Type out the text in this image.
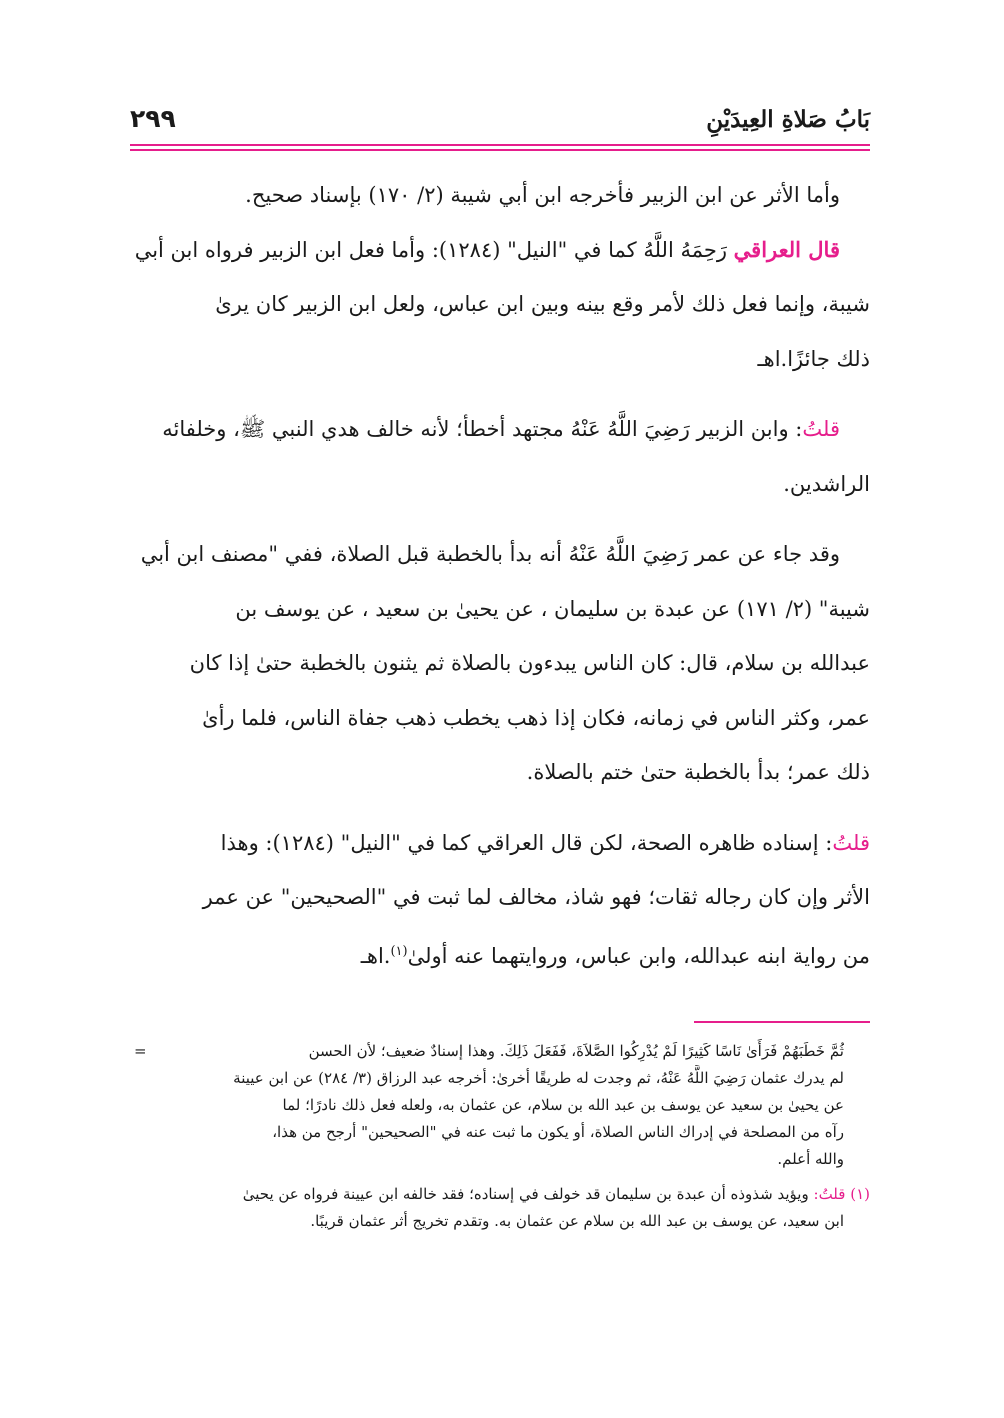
بَابُ صَلاةِ العِيدَيْنِ
٢٩٩

وأما الأثر عن ابن الزبير فأخرجه ابن أبي شيبة (٢/ ١٧٠) بإسناد صحيح.
قال العراقي رَحِمَهُ اللَّهُ كما في "النيل" (١٢٨٤): وأما فعل ابن الزبير فرواه ابن أبي
شيبة، وإنما فعل ذلك لأمر وقع بينه وبين ابن عباس، ولعل ابن الزبير كان يرىٰ
ذلك جائزًا.اهـ

قلتُ: وابن الزبير رَضِيَ اللَّهُ عَنْهُ مجتهد أخطأ؛ لأنه خالف هدي النبي ﷺ، وخلفائه
الراشدين.

وقد جاء عن عمر رَضِيَ اللَّهُ عَنْهُ أنه بدأ بالخطبة قبل الصلاة، ففي "مصنف ابن أبي
شيبة" (٢/ ١٧١) عن عبدة بن سليمان ، عن يحيىٰ بن سعيد ، عن يوسف بن
عبدالله بن سلام، قال: كان الناس يبدءون بالصلاة ثم يثنون بالخطبة حتىٰ إذا كان
عمر، وكثر الناس في زمانه، فكان إذا ذهب يخطب ذهب جفاة الناس، فلما رأىٰ
ذلك عمر؛ بدأ بالخطبة حتىٰ ختم بالصلاة.

قلتُ: إسناده ظاهره الصحة، لكن قال العراقي كما في "النيل" (١٢٨٤): وهذا
الأثر وإن كان رجاله ثقات؛ فهو شاذ، مخالف لما ثبت في "الصحيحين" عن عمر
من رواية ابنه عبدالله، وابن عباس، وروايتهما عنه أولىٰ$^{(١)}$.اهـ

ثُمَّ خَطَبَهُمْ فَرَأَىٰ نَاسًا كَثِيرًا لَمْ يُدْرِكُوا الصَّلاَةَ، فَفَعَلَ ذَلِكَ. وهذا إسنادٌ ضعيف؛ لأن الحسن
لم يدرك عثمان رَضِيَ اللَّهُ عَنْهُ، ثم وجدت له طريقًا أخرىٰ: أخرجه عبد الرزاق (٣/ ٢٨٤) عن ابن عيينة
عن يحيىٰ بن سعيد عن يوسف بن عبد الله بن سلام، عن عثمان به، ولعله فعل ذلك نادرًا؛ لما
رآه من المصلحة في إدراك الناس الصلاة، أو يكون ما ثبت عنه في "الصحيحين" أرجح من هذا،
والله أعلم.
(١) قلتُ: ويؤيد شذوذه أن عبدة بن سليمان قد خولف في إسناده؛ فقد خالفه ابن عيينة فرواه عن يحيىٰ
ابن سعيد، عن يوسف بن عبد الله بن سلام عن عثمان به. وتقدم تخريج أثر عثمان قريبًا.
=
